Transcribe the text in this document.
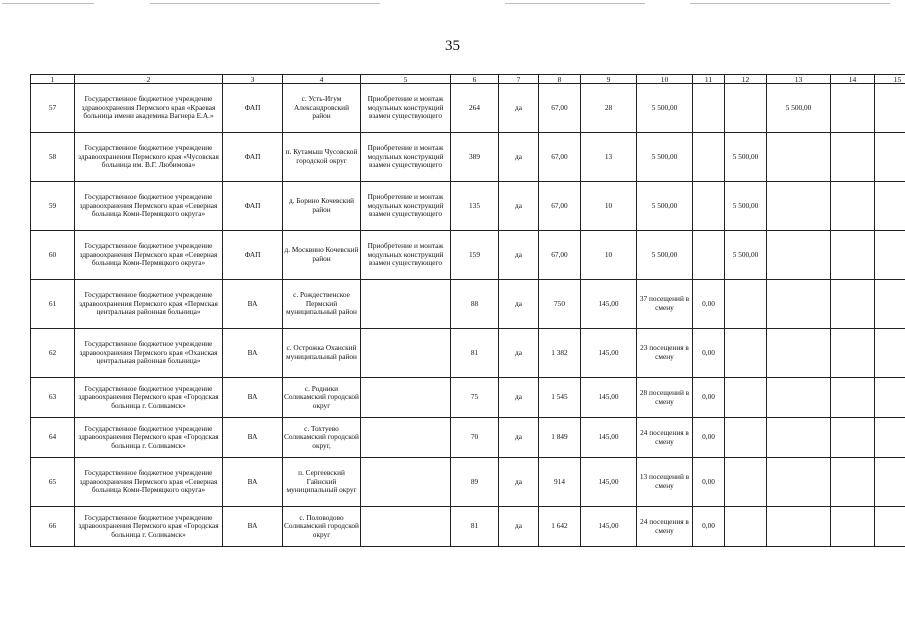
35
1	2	3	4	5	6	7	8	9	10	11	12	13	14	15
57	Государственное бюджетное учреждение здравоохранения Пермского края «Краевая больница имени академика Вагнера Е.А.»	ФАП	с. Усть-Игум Александровский район	Приобретение и монтаж модульных конструкций взамен существующего	264	да	67,00	28	5 500,00			5 500,00		
58	Государственное бюджетное учреждение здравоохранения Пермского края «Чусовская больница им. В.Г. Любимова»	ФАП	п. Кутамыш Чусовской городской округ	Приобретение и монтаж модульных конструкций взамен существующего	389	да	67,00	13	5 500,00		5 500,00			
59	Государственное бюджетное учреждение здравоохранения Пермского края «Северная больница Коми-Пермяцкого округа»	ФАП	д. Борино Кочевский район	Приобретение и монтаж модульных конструкций взамен существующего	135	да	67,00	10	5 500,00		5 500,00			
60	Государственное бюджетное учреждение здравоохранения Пермского края «Северная больница Коми-Пермяцкого округа»	ФАП	д. Москвино Кочевский район	Приобретение и монтаж модульных конструкций взамен существующего	159	да	67,00	10	5 500,00		5 500,00			
61	Государственное бюджетное учреждение здравоохранения Пермского края «Пермская центральная районная больница»	ВА	с. Рождественское Пермский муниципальный район		88	да	750	145,00	37 посещений в смену	0,00				
62	Государственное бюджетное учреждение здравоохранения Пермского края «Оханская центральная районная больница»	ВА	с. Острожка Оханский муниципальный район		81	да	1 382	145,00	23 посещения в смену	0,00				
63	Государственное бюджетное учреждение здравоохранения Пермского края «Городская больница г. Соликамск»	ВА	с. Родники Соликамский городской округ		75	да	1 545	145,00	28 посещений в смену	0,00				
64	Государственное бюджетное учреждение здравоохранения Пермского края «Городская больница г. Соликамск»	ВА	с. Тохтуево Соликамский городской округ,		70	да	1 849	145,00	24 посещения в смену	0,00				
65	Государственное бюджетное учреждение здравоохранения Пермского края «Северная больница Коми-Пермяцкого округа»	ВА	п. Сергеевский Гайнский муниципальный округ		89	да	914	145,00	13 посещений в смену	0,00				
66	Государственное бюджетное учреждение здравоохранения Пермского края «Городская больница г. Соликамск»	ВА	с. Половодово Соликамский городской округ		81	да	1 642	145,00	24 посещения в смену	0,00				
